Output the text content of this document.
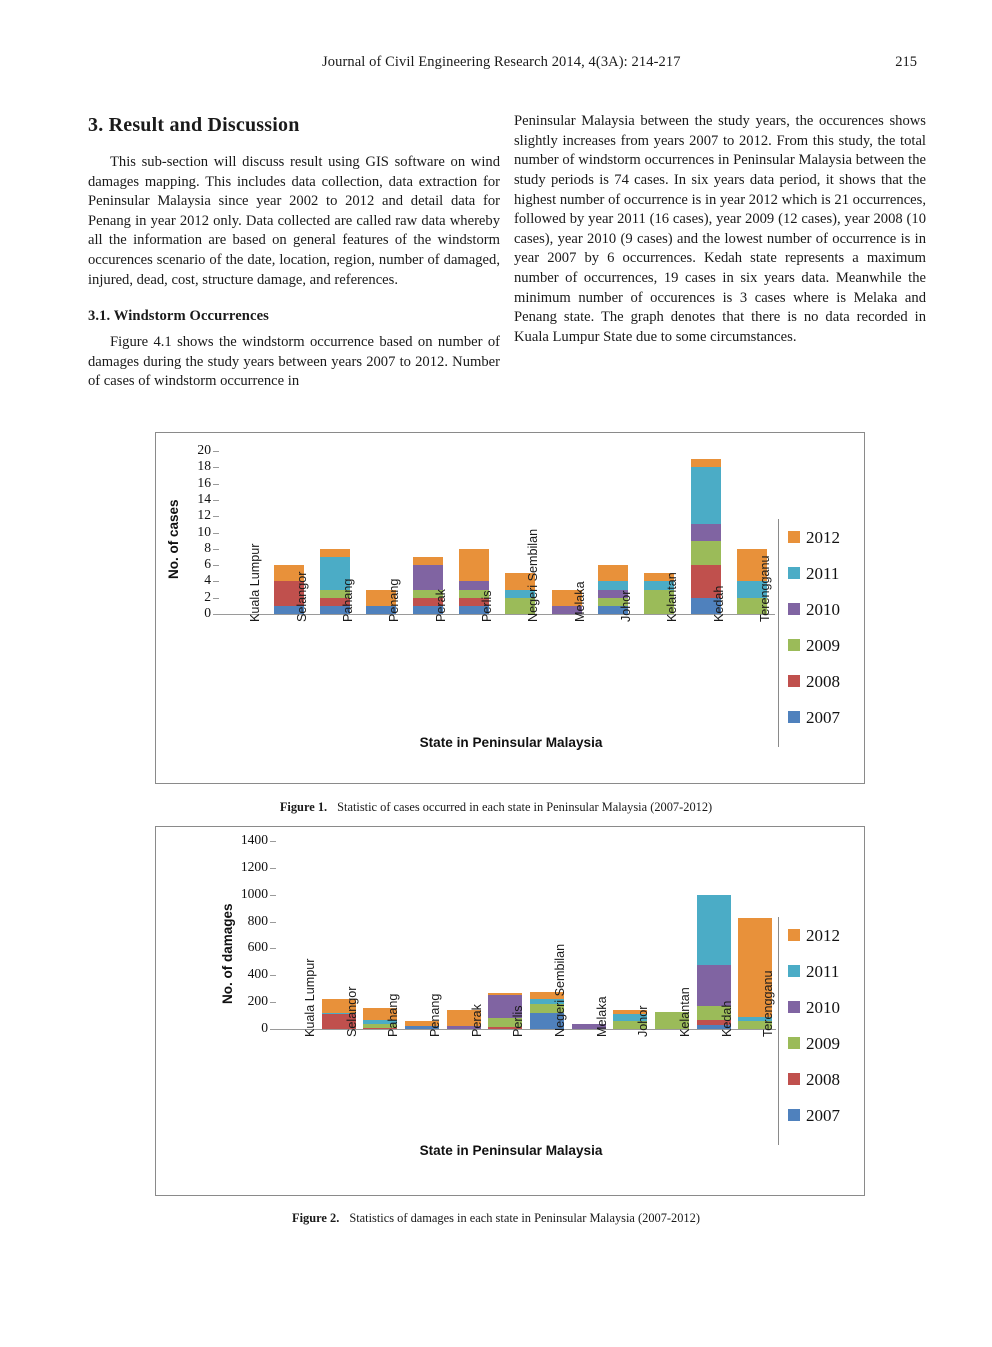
Journal of Civil Engineering Research 2014, 4(3A): 214-217	215
3. Result and Discussion

This sub-section will discuss result using GIS software on wind damages mapping. This includes data collection, data extraction for Peninsular Malaysia since year 2002 to 2012 and detail data for Penang in year 2012 only. Data collected are called raw data whereby all the information are based on general features of the windstorm occurences scenario of the date, location, region, number of damaged, injured, dead, cost, structure damage, and references.

3.1. Windstorm Occurrences

Figure 4.1 shows the windstorm occurrence based on number of damages during the study years between years 2007 to 2012. Number of cases of windstorm occurrence in

Peninsular Malaysia between the study years, the occurences shows slightly increases from years 2007 to 2012. From this study, the total number of windstorm occurrences in Peninsular Malaysia between the study periods is 74 cases. In six years data period, it shows that the highest number of occurrence is in year 2012 which is 21 occurrences, followed by year 2011 (16 cases), year 2009 (12 cases), year 2008 (10 cases), year 2010 (9 cases) and the lowest number of occurrence is in year 2007 by 6 occurrences. Kedah state represents a maximum number of occurrences, 19 cases in six years data. Meanwhile the minimum number of occurences is 3 cases where is Melaka and Penang state. The graph denotes that there is no data recorded in Kuala Lumpur State due to some circumstances.

No. of cases
0
2
4
6
8
10
12
14
16
18
20
Kuala Lumpur	Selangor	Pahang	Penang	Perak	Perlis	Negeri Sembilan	Melaka	Johor	Kelantan	Kedah	Terengganu
State in Peninsular Malaysia
2012
2011
2010
2009
2008
2007
Figure 1. Statistic of cases occurred in each state in Peninsular Malaysia (2007-2012)
No. of damages
0
200
400
600
800
1000
1200
1400
Kuala Lumpur Selangor Pahang Penang Perak Perlis Negeri Sembilan Melaka Johor Kelantan Kedah Terengganu
State in Peninsular Malaysia
2012
2011
2010
2009
2008
2007
Figure 2. Statistics of damages in each state in Peninsular Malaysia (2007-2012)
